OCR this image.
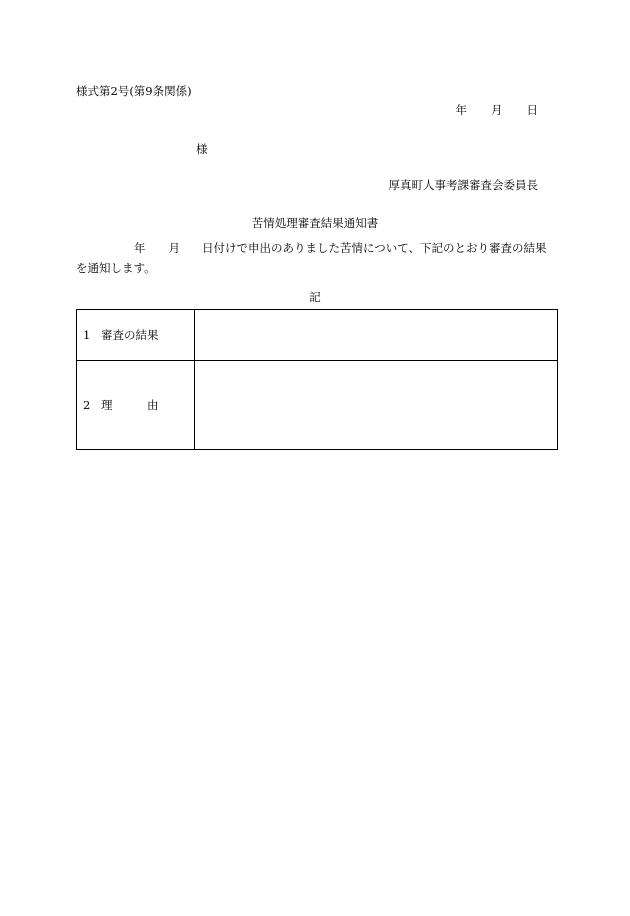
様式第2号(第9条関係)
年 月 日
様
厚真町人事考課審査会委員長
苦情処理審査結果通知書
年 月 日付けで申出のありました苦情について、下記のとおり審査の結果を通知します。
記
1 審査の結果	
2 理 由	
